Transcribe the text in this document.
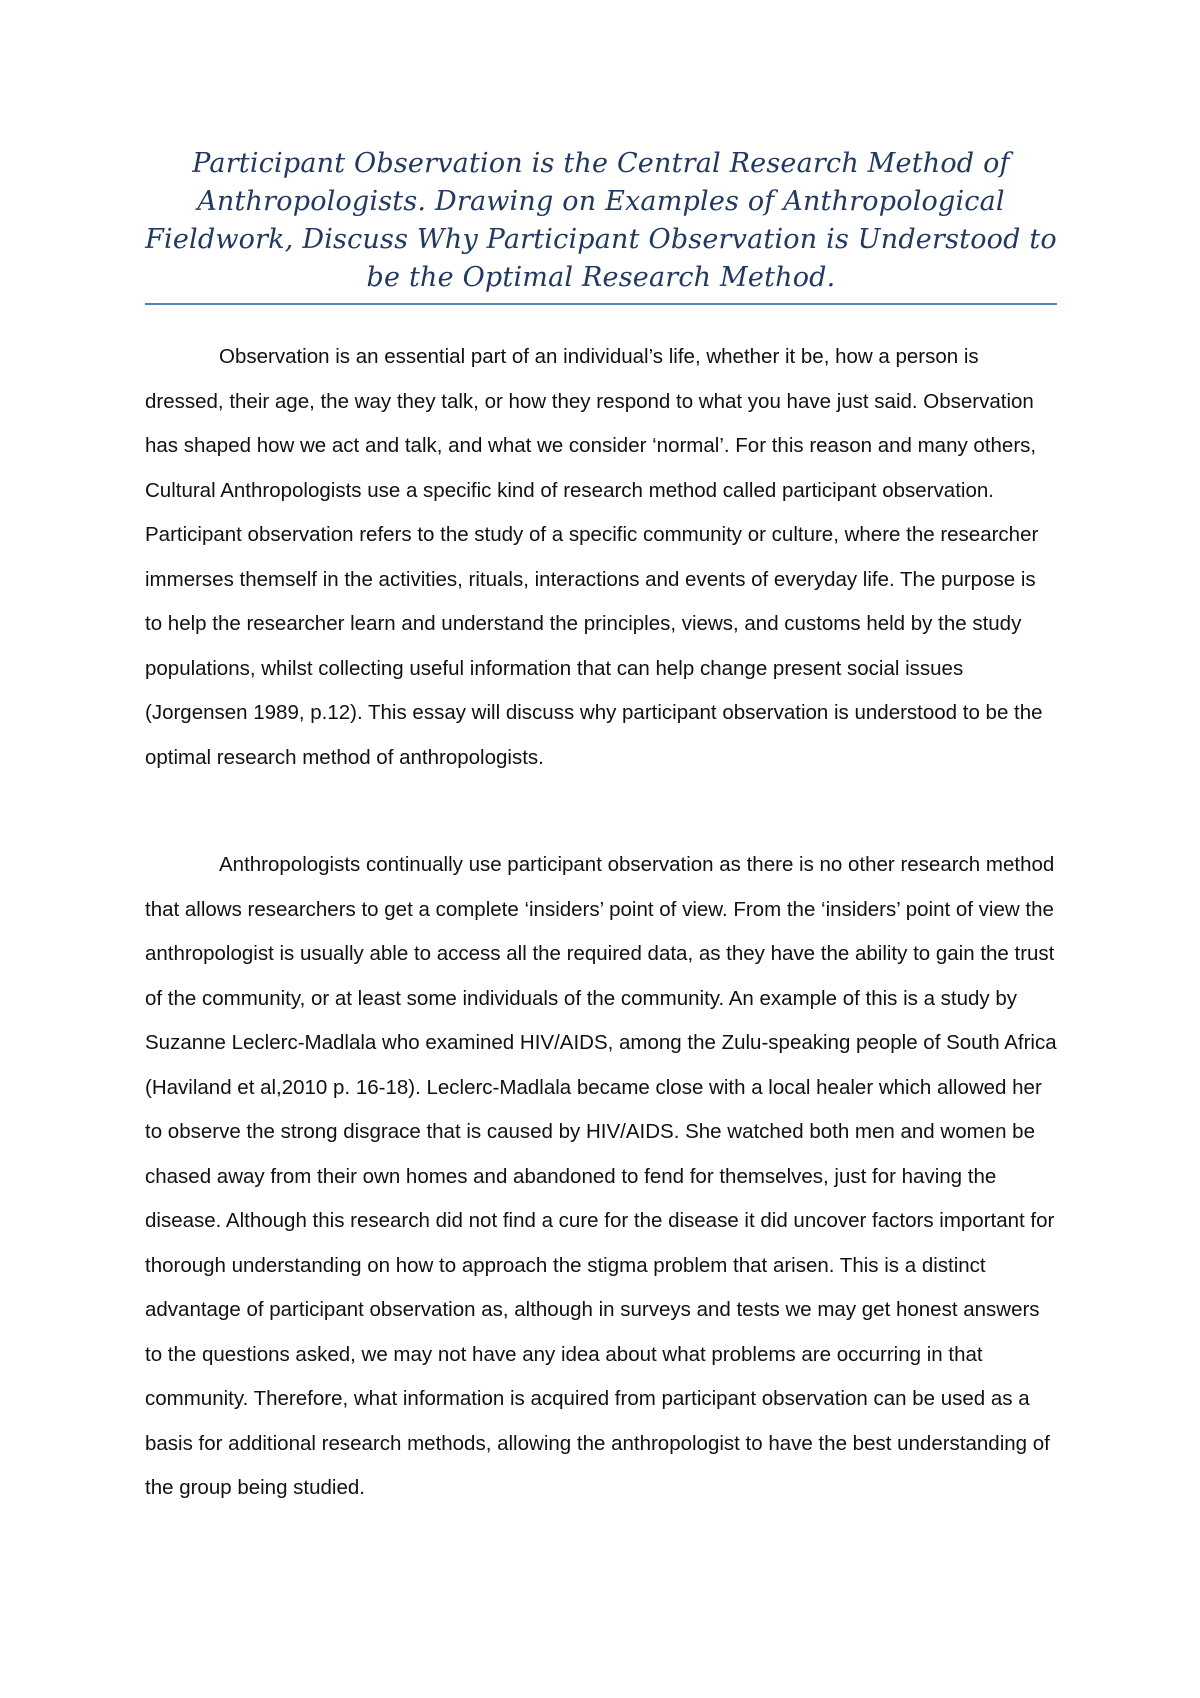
Participant Observation is the Central Research Method of Anthropologists. Drawing on Examples of Anthropological Fieldwork, Discuss Why Participant Observation is Understood to be the Optimal Research Method.

Observation is an essential part of an individual’s life, whether it be, how a person is dressed, their age, the way they talk, or how they respond to what you have just said. Observation has shaped how we act and talk, and what we consider ‘normal’. For this reason and many others, Cultural Anthropologists use a specific kind of research method called participant observation. Participant observation refers to the study of a specific community or culture, where the researcher immerses themself in the activities, rituals, interactions and events of everyday life. The purpose is to help the researcher learn and understand the principles, views, and customs held by the study populations, whilst collecting useful information that can help change present social issues (Jorgensen 1989, p.12). This essay will discuss why participant observation is understood to be the optimal research method of anthropologists.

Anthropologists continually use participant observation as there is no other research method that allows researchers to get a complete ‘insiders’ point of view. From the ‘insiders’ point of view the anthropologist is usually able to access all the required data, as they have the ability to gain the trust of the community, or at least some individuals of the community. An example of this is a study by Suzanne Leclerc-Madlala who examined HIV/AIDS, among the Zulu-speaking people of South Africa (Haviland et al,2010 p. 16-18). Leclerc-Madlala became close with a local healer which allowed her to observe the strong disgrace that is caused by HIV/AIDS. She watched both men and women be chased away from their own homes and abandoned to fend for themselves, just for having the disease. Although this research did not find a cure for the disease it did uncover factors important for thorough understanding on how to approach the stigma problem that arisen. This is a distinct advantage of participant observation as, although in surveys and tests we may get honest answers to the questions asked, we may not have any idea about what problems are occurring in that community. Therefore, what information is acquired from participant observation can be used as a basis for additional research methods, allowing the anthropologist to have the best understanding of the group being studied.
